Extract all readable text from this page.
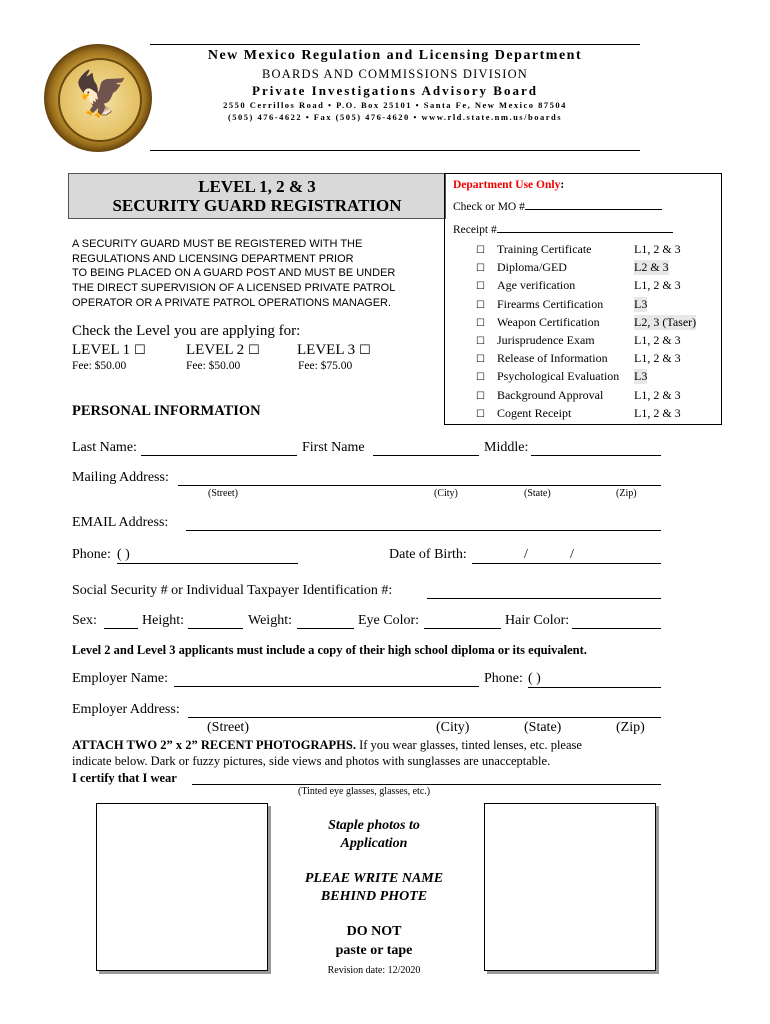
🦅
New Mexico Regulation and Licensing Department
BOARDS AND COMMISSIONS DIVISION
Private Investigations Advisory Board
2550 Cerrillos Road • P.O. Box 25101 • Santa Fe, New Mexico 87504
(505) 476-4622 • Fax (505) 476-4620 • www.rld.state.nm.us/boards
LEVEL 1, 2 & 3
SECURITY GUARD REGISTRATION
Department Use Only:
Check or MO #
Receipt #
☐ Training Certificate	L1, 2 & 3
☐ Diploma/GED	L2 & 3
☐ Age verification	L1, 2 & 3
☐ Firearms Certification	L3
☐ Weapon Certification	L2, 3 (Taser)
☐ Jurisprudence Exam	L1, 2 & 3
☐ Release of Information L1, 2 & 3
☐ Psychological Evaluation L3
☐ Background Approval	L1, 2 & 3
☐ Cogent Receipt	L1, 2 & 3
A SECURITY GUARD MUST BE REGISTERED WITH THE
REGULATIONS AND LICENSING DEPARTMENT PRIOR
TO BEING PLACED ON A GUARD POST AND MUST BE UNDER
THE DIRECT SUPERVISION OF A LICENSED PRIVATE PATROL
OPERATOR OR A PRIVATE PATROL OPERATIONS MANAGER.
Check the Level you are applying for:
LEVEL 1 ☐	LEVEL 2 ☐ LEVEL 3 ☐
Fee: $50.00	Fee: $50.00	Fee: $75.00
PERSONAL INFORMATION
Last Name:	First Name	Middle:
Mailing Address:
(Street)	(City)	(State)	(Zip)
EMAIL Address:
Phone: ( )	Date of Birth:	/	/

Social Security # or Individual Taxpayer Identification #:
Sex:	Height:	Weight:	Eye Color:	Hair Color:
Level 2 and Level 3 applicants must include a copy of their high school diploma or its equivalent.
Employer Name:	Phone: ( )
Employer Address:
(Street)	(City)	(State)	(Zip)
ATTACH TWO 2” x 2” RECENT PHOTOGRAPHS. If you wear glasses, tinted lenses, etc. please
indicate below. Dark or fuzzy pictures, side views and photos with sunglasses are unacceptable.
I certify that I wear
(Tinted eye glasses, glasses, etc.)
Staple photos to
Application
PLEAE WRITE NAME
BEHIND PHOTE
DO NOT
paste or tape
Revision date: 12/2020
